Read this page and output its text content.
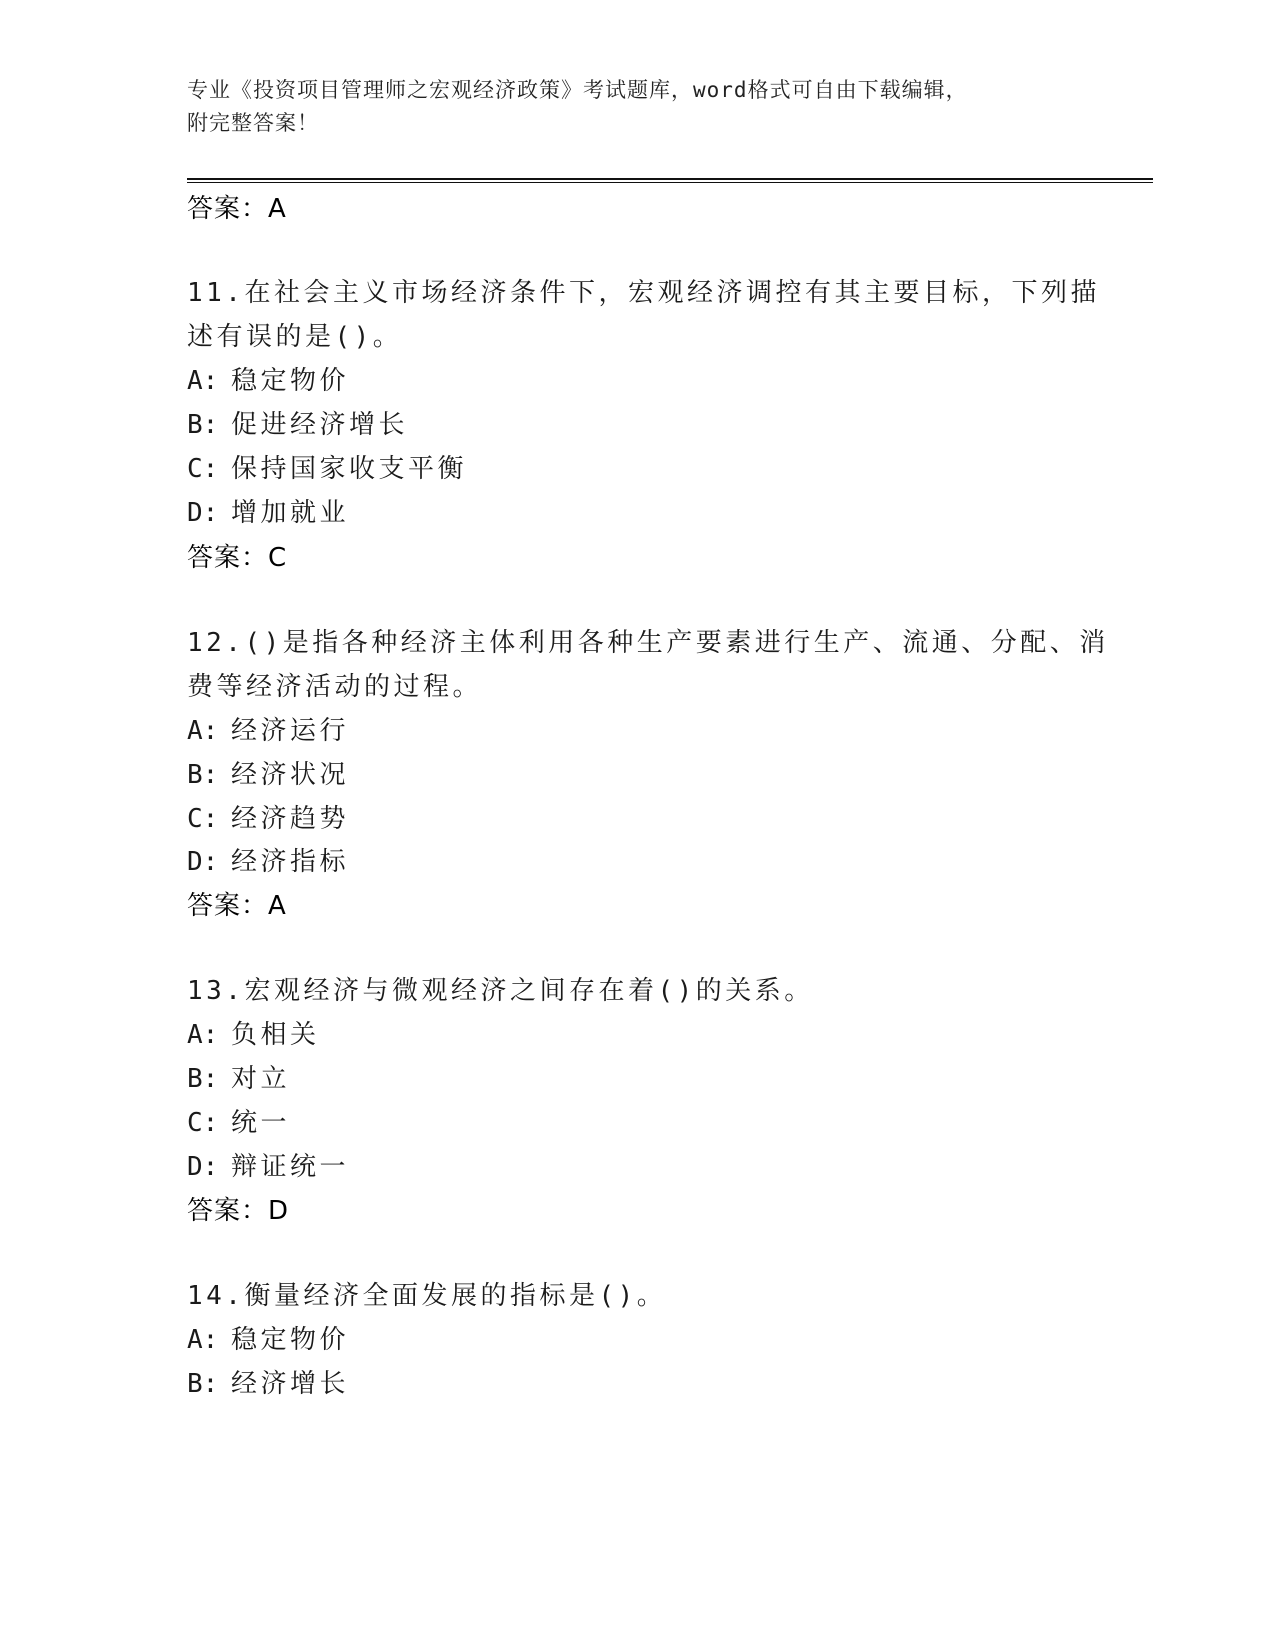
专业《投资项目管理师之宏观经济政策》考试题库，word格式可自由下载编辑，
附完整答案！
答案：A
11.在社会主义市场经济条件下，宏观经济调控有其主要目标，下列描
述有误的是()。
A: 稳定物价
B: 促进经济增长
C: 保持国家收支平衡
D: 增加就业
答案：C
12.()是指各种经济主体利用各种生产要素进行生产、流通、分配、消
费等经济活动的过程。
A: 经济运行
B: 经济状况
C: 经济趋势
D: 经济指标
答案：A
13.宏观经济与微观经济之间存在着()的关系。
A: 负相关
B: 对立
C: 统一
D: 辩证统一
答案：D
14.衡量经济全面发展的指标是()。
A: 稳定物价
B: 经济增长
